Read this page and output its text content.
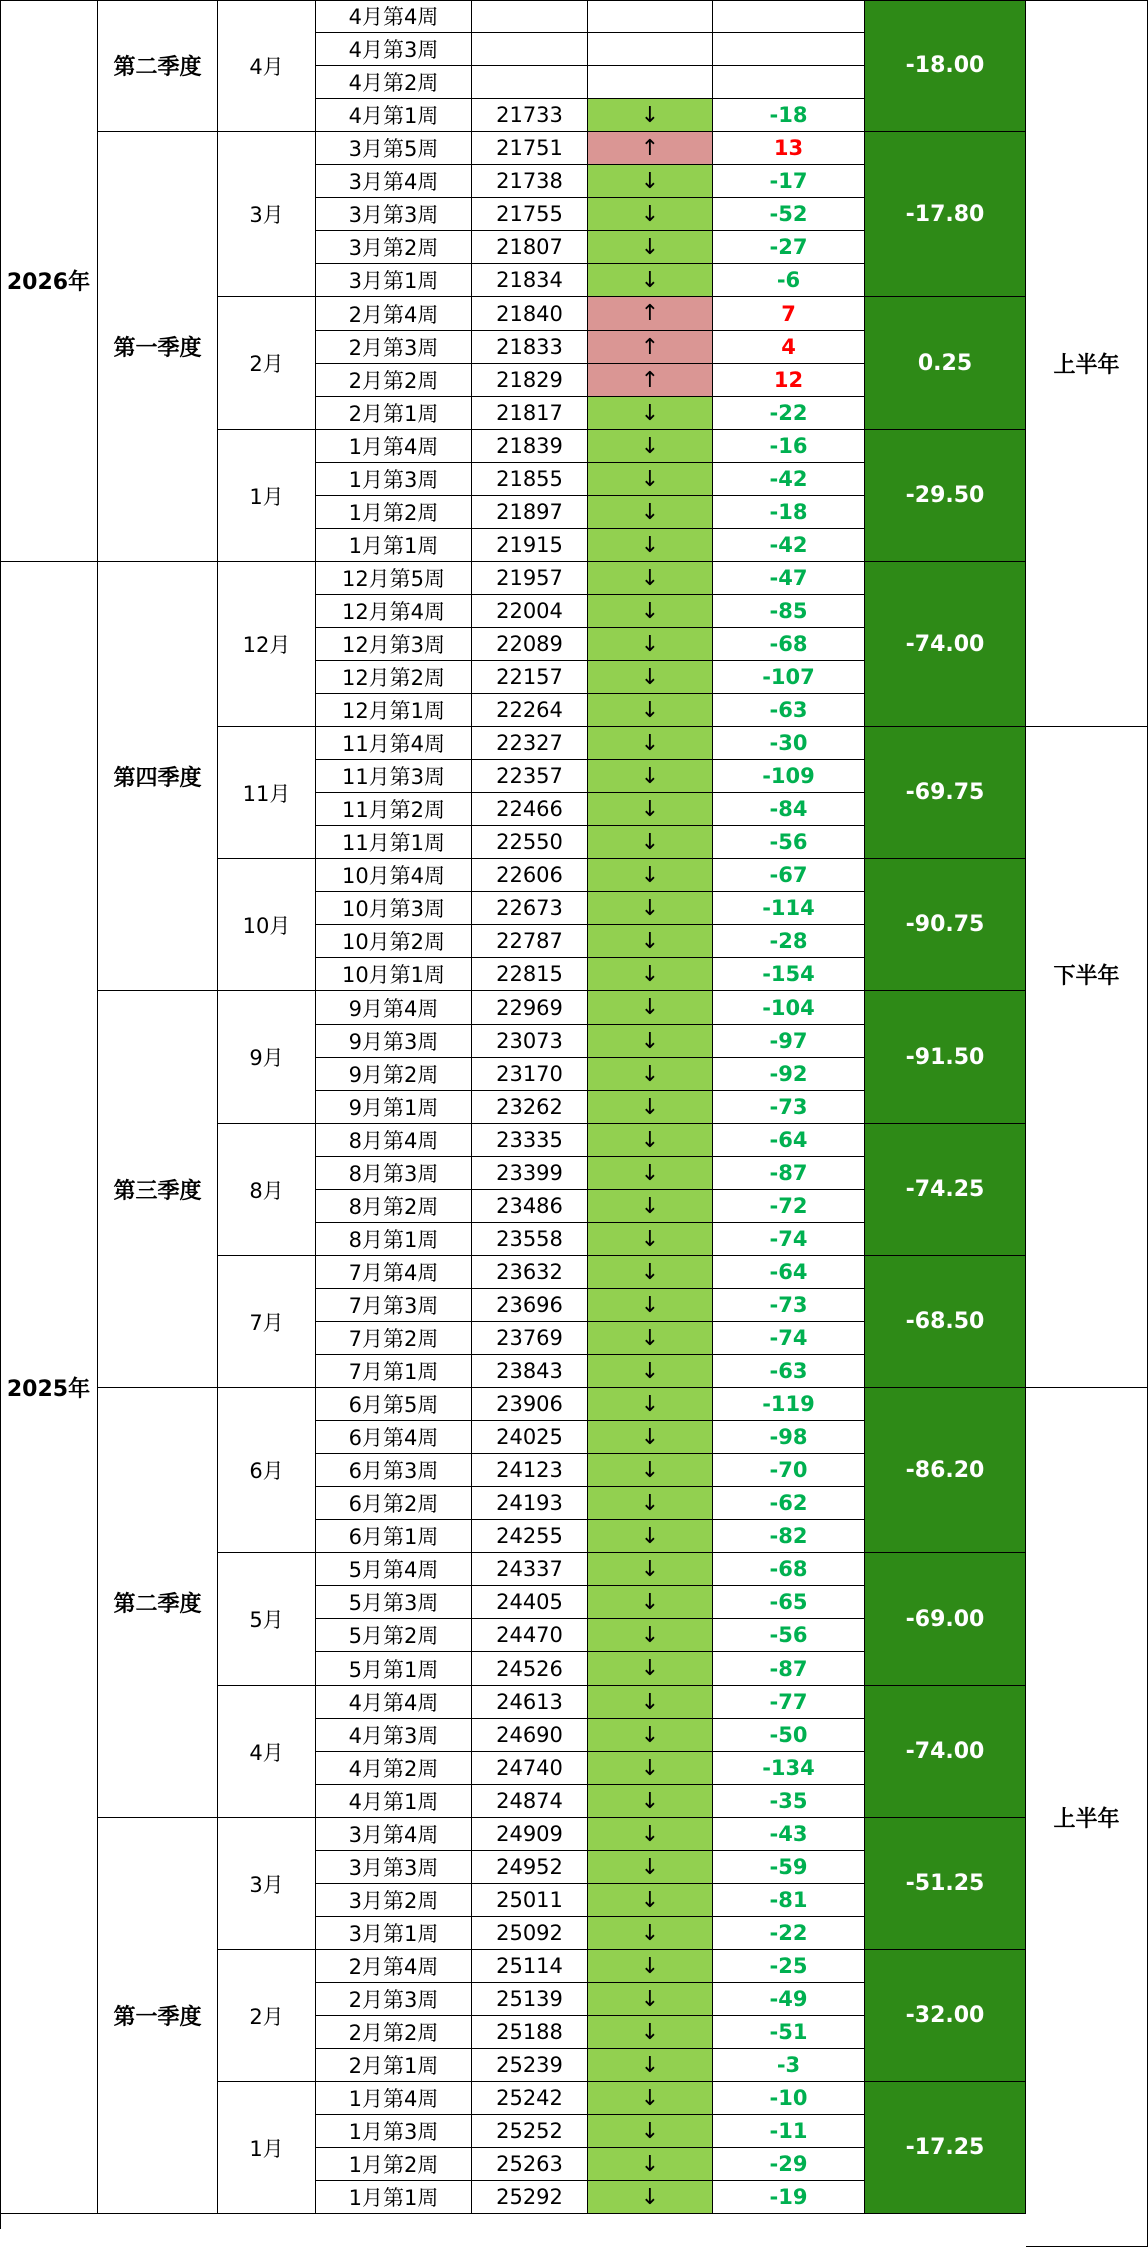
4月第4周
4月第3周
4月第2周
4月第1周	21733	↓	-18
4月	-18.00
第二季度
3月第5周	21751	↑	13
3月第4周	21738	↓	-17
3月第3周	21755	↓	-52
3月第2周	21807	↓	-27
3月第1周	21834	↓	-6
3月	-17.80
2月第4周	21840	↑	7
2月第3周	21833	↑	4
2月第2周	21829	↑	12
2月第1周	21817	↓	-22
2月	0.25
1月第4周	21839	↓	-16
1月第3周	21855	↓	-42
1月第2周	21897	↓	-18
1月第1周	21915	↓	-42
1月	-29.50
第一季度
2026年
上半年
12月第5周	21957	↓	-47
12月第4周	22004	↓	-85
12月第3周	22089	↓	-68
12月第2周	22157	↓	-107
12月第1周	22264	↓	-63
12月	-74.00
11月第4周	22327	↓	-30
11月第3周	22357	↓	-109
11月第2周	22466	↓	-84
11月第1周	22550	↓	-56
11月	-69.75
10月第4周	22606	↓	-67
10月第3周	22673	↓	-114
10月第2周	22787	↓	-28
10月第1周	22815	↓	-154
10月	-90.75
第四季度
9月第4周	22969	↓	-104
9月第3周	23073	↓	-97
9月第2周	23170	↓	-92
9月第1周	23262	↓	-73
9月	-91.50
8月第4周	23335	↓	-64
8月第3周	23399	↓	-87
8月第2周	23486	↓	-72
8月第1周	23558	↓	-74
8月	-74.25
7月第4周	23632	↓	-64
7月第3周	23696	↓	-73
7月第2周	23769	↓	-74
7月第1周	23843	↓	-63
7月	-68.50
第三季度
6月第5周	23906	↓	-119
6月第4周	24025	↓	-98
6月第3周	24123	↓	-70
6月第2周	24193	↓	-62
6月第1周	24255	↓	-82
6月	-86.20
5月第4周	24337	↓	-68
5月第3周	24405	↓	-65
5月第2周	24470	↓	-56
5月第1周	24526	↓	-87
5月	-69.00
4月第4周	24613	↓	-77
4月第3周	24690	↓	-50
4月第2周	24740	↓	-134
4月第1周	24874	↓	-35
4月	-74.00
第二季度
3月第4周	24909	↓	-43
3月第3周	24952	↓	-59
3月第2周	25011	↓	-81
3月第1周	25092	↓	-22
3月	-51.25
2月第4周	25114	↓	-25
2月第3周	25139	↓	-49
2月第2周	25188	↓	-51
2月第1周	25239	↓	-3
2月	-32.00
1月第4周	25242	↓	-10
1月第3周	25252	↓	-11
1月第2周	25263	↓	-29
1月第1周	25292	↓	-19
1月	-17.25
第一季度
2025年
下半年
上半年
